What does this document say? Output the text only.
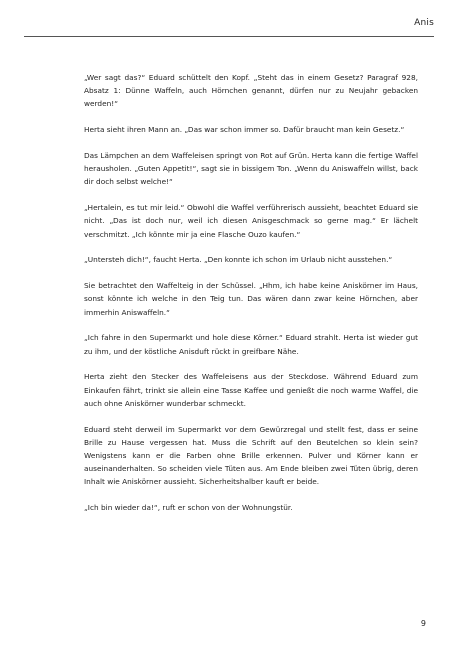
Anis

„Wer sagt das?“ Eduard schüttelt den Kopf. „Steht das in einem Gesetz? Paragraf 928, Absatz 1: Dünne Waffeln, auch Hörnchen genannt, dürfen nur zu Neujahr gebacken werden!“

Herta sieht ihren Mann an. „Das war schon immer so. Dafür braucht man kein Gesetz.“

Das Lämpchen an dem Waffeleisen springt von Rot auf Grün. Herta kann die fertige Waffel herausholen. „Guten Appetit!“, sagt sie in bissigem Ton. „Wenn du Aniswaffeln willst, back dir doch selbst welche!“

„Hertalein, es tut mir leid.“ Obwohl die Waffel verführerisch aussieht, beachtet Eduard sie nicht. „Das ist doch nur, weil ich diesen Anisgeschmack so gerne mag.“ Er lächelt verschmitzt. „Ich könnte mir ja eine Flasche Ouzo kaufen.“

„Untersteh dich!“, faucht Herta. „Den konnte ich schon im Urlaub nicht ausstehen.“

Sie betrachtet den Waffelteig in der Schüssel. „Hhm, ich habe keine Aniskörner im Haus, sonst könnte ich welche in den Teig tun. Das wären dann zwar keine Hörnchen, aber immerhin Aniswaffeln.“

„Ich fahre in den Supermarkt und hole diese Körner.“ Eduard strahlt. Herta ist wieder gut zu ihm, und der köstliche Anisduft rückt in greifbare Nähe.

Herta zieht den Stecker des Waffeleisens aus der Steckdose. Während Eduard zum Einkaufen fährt, trinkt sie allein eine Tasse Kaffee und genießt die noch warme Waffel, die auch ohne Aniskörner wunderbar schmeckt.

Eduard steht derweil im Supermarkt vor dem Gewürzregal und stellt fest, dass er seine Brille zu Hause vergessen hat. Muss die Schrift auf den Beutelchen so klein sein? Wenigstens kann er die Farben ohne Brille erkennen. Pulver und Körner kann er auseinanderhalten. So scheiden viele Tüten aus. Am Ende bleiben zwei Tüten übrig, deren Inhalt wie Aniskörner aussieht. Sicherheitshalber kauft er beide.

„Ich bin wieder da!“, ruft er schon von der Wohnungstür.

9
